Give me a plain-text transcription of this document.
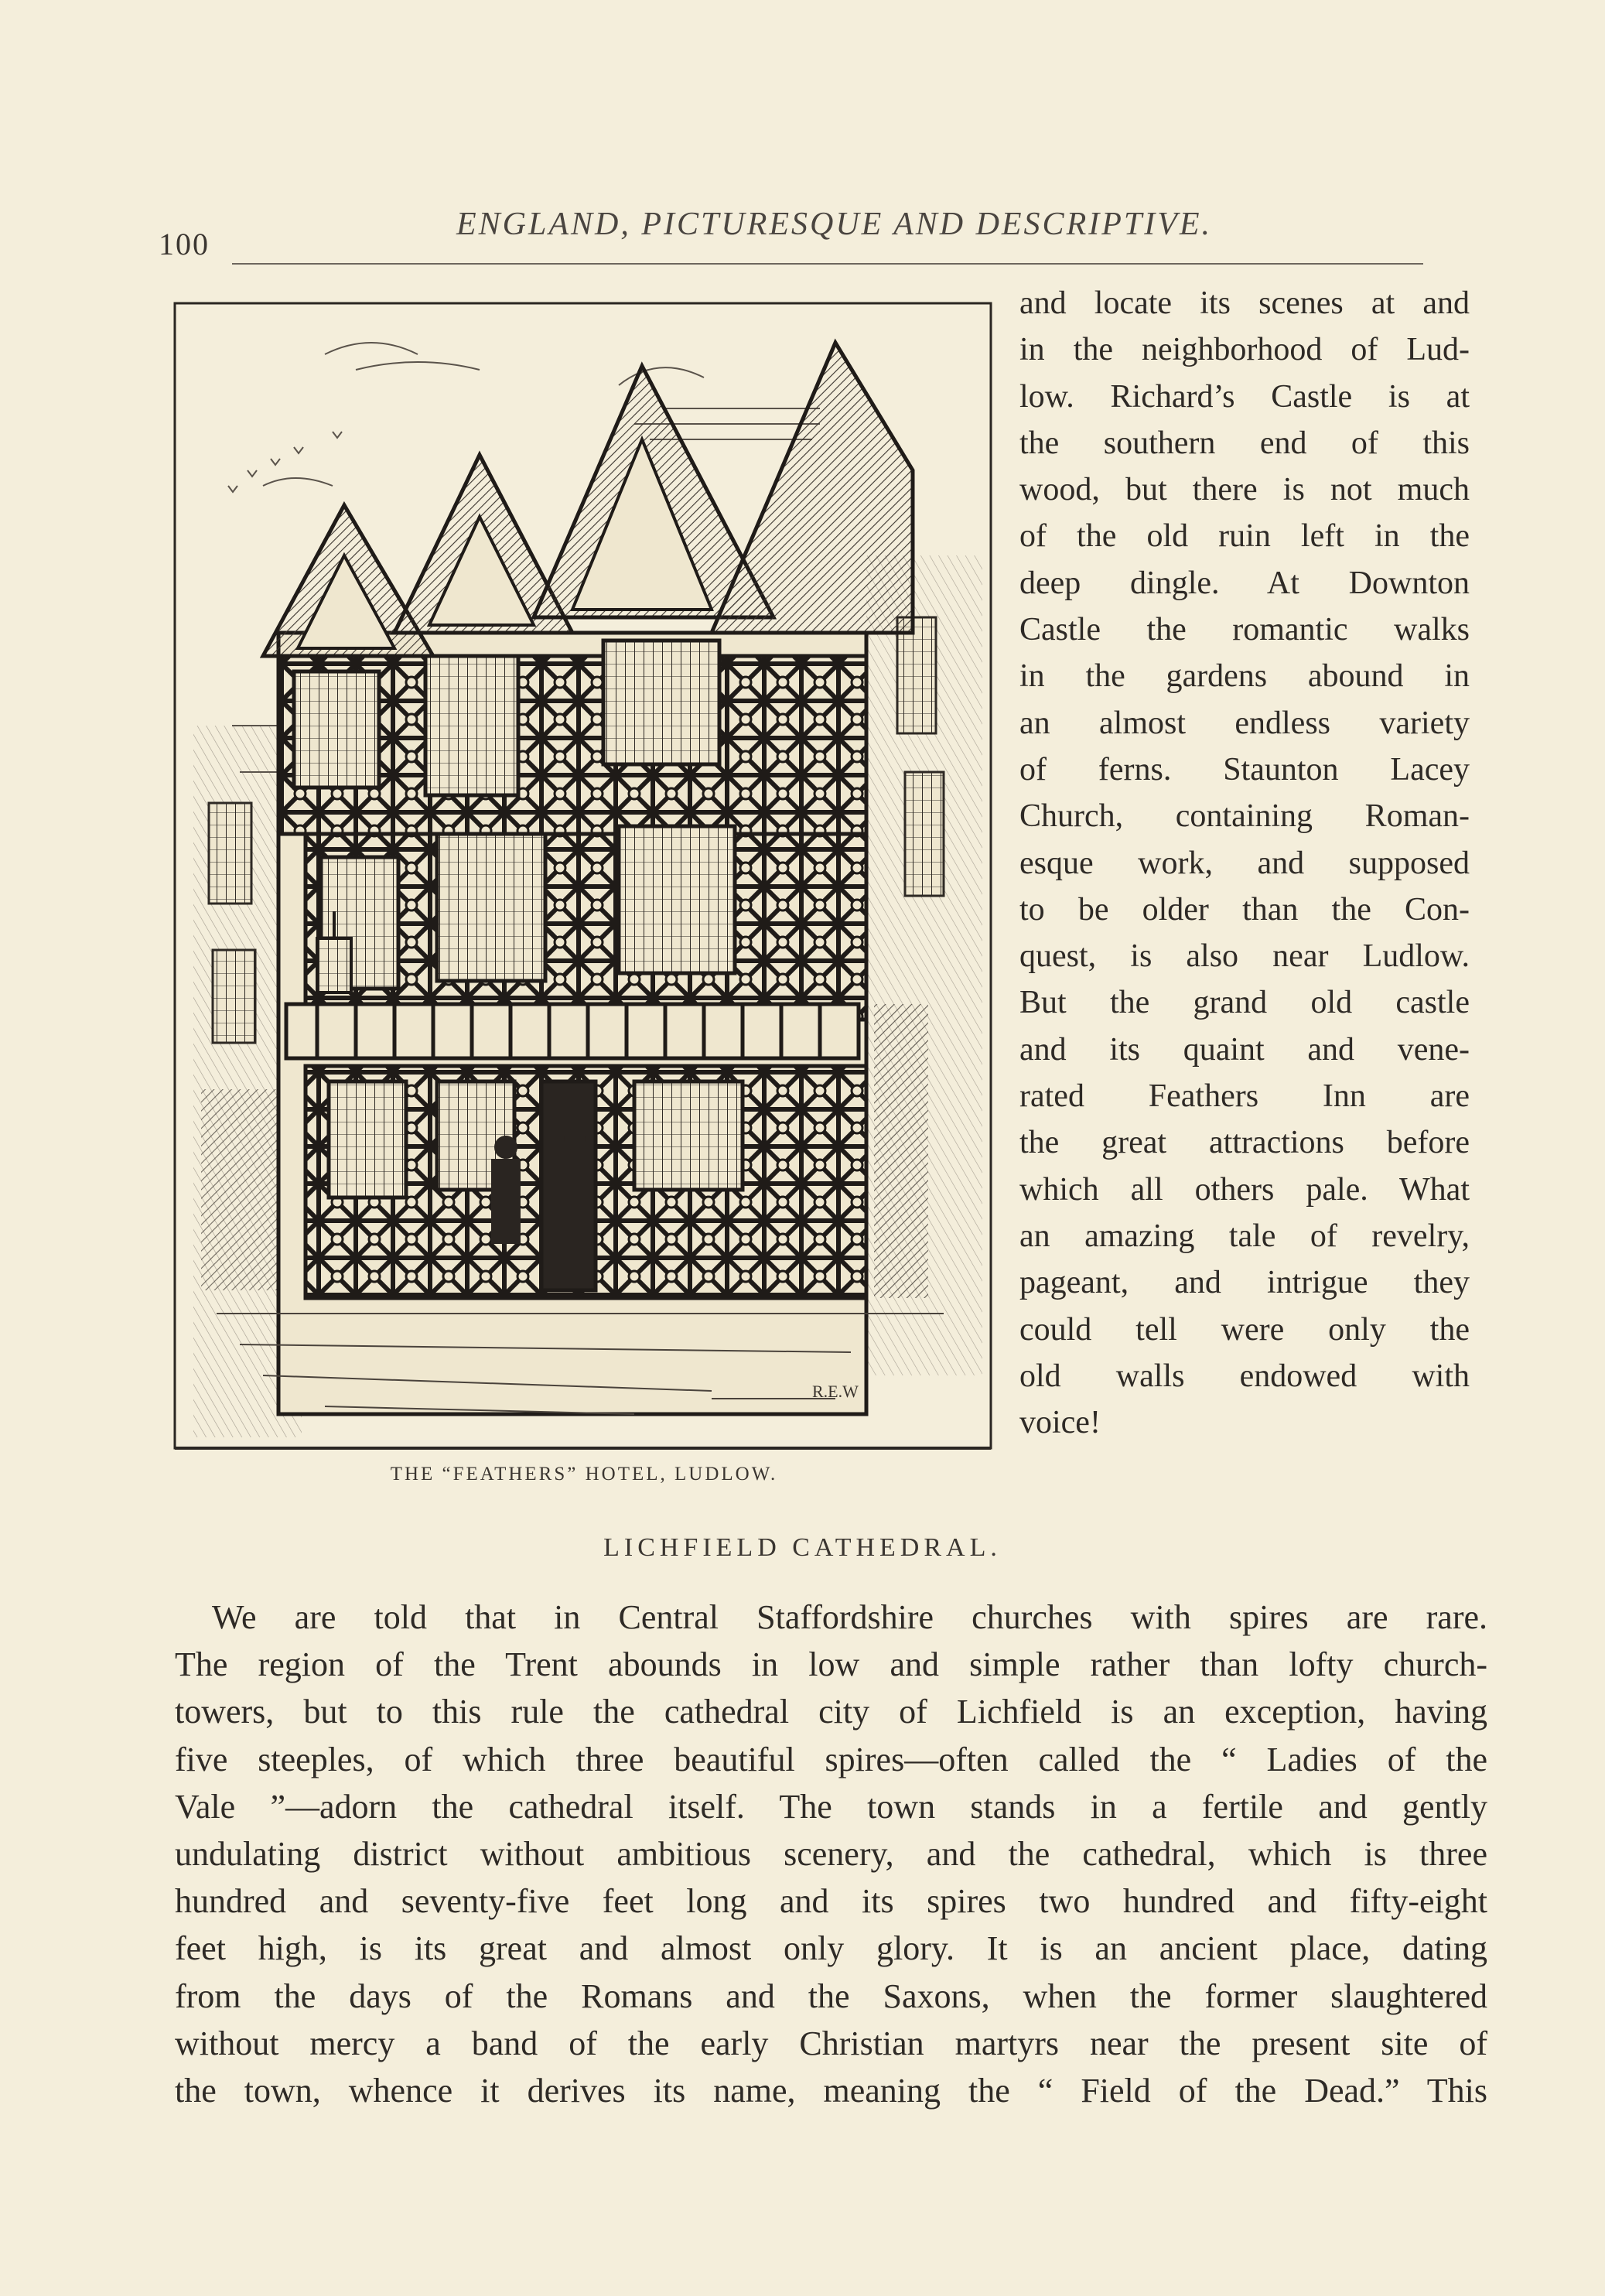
100
ENGLAND, PICTURESQUE AND DESCRIPTIVE.
R.E.W
THE “FEATHERS” HOTEL, LUDLOW.
and locate its scenes at and
in the neighborhood of Lud-
low. Richard’s Castle is at
the southern end of this
wood, but there is not much
of the old ruin left in the
deep dingle. At Downton
Castle the romantic walks
in the gardens abound in
an almost endless variety
of ferns. Staunton Lacey
Church, containing Roman-
esque work, and supposed
to be older than the Con-
quest, is also near Ludlow.
But the grand old castle
and its quaint and vene-
rated Feathers Inn are
the great attractions before
which all others pale. What
an amazing tale of revelry,
pageant, and intrigue they
could tell were only the
old walls endowed with
voice!
LICHFIELD CATHEDRAL.
We are told that in Central Staffordshire churches with spires are rare.
The region of the Trent abounds in low and simple rather than lofty church-
towers, but to this rule the cathedral city of Lichfield is an exception, having
five steeples, of which three beautiful spires—often called the “ Ladies of the
Vale ”—adorn the cathedral itself. The town stands in a fertile and gently
undulating district without ambitious scenery, and the cathedral, which is three
hundred and seventy-five feet long and its spires two hundred and fifty-eight
feet high, is its great and almost only glory. It is an ancient place, dating
from the days of the Romans and the Saxons, when the former slaughtered
without mercy a band of the early Christian martyrs near the present site of
the town, whence it derives its name, meaning the “ Field of the Dead.” This
